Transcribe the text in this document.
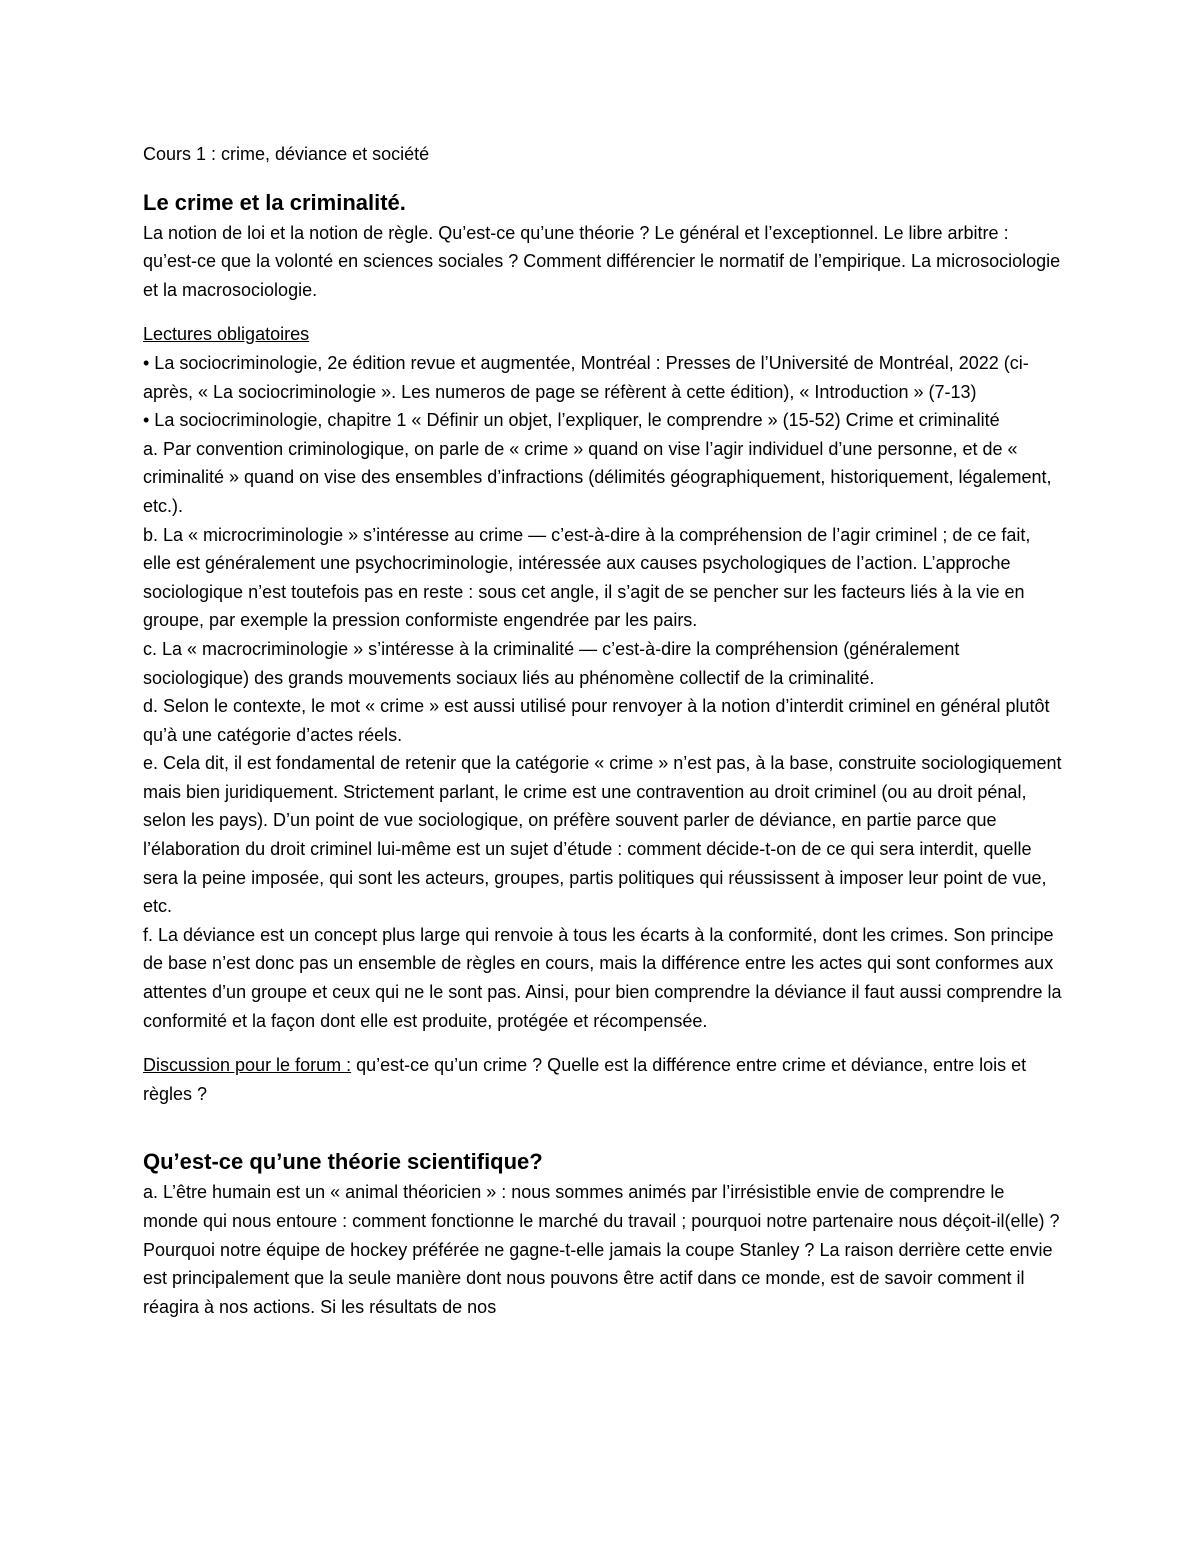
Cours 1 : crime, déviance et société

Le crime et la criminalité.

La notion de loi et la notion de règle. Qu’est-ce qu’une théorie ? Le général et l’exceptionnel. Le libre arbitre : qu’est-ce que la volonté en sciences sociales ? Comment différencier le normatif de l’empirique. La microsociologie et la macrosociologie.

Lectures obligatoires

• La sociocriminologie, 2e édition revue et augmentée, Montréal : Presses de l’Université de Montréal, 2022 (ci-après, « La sociocriminologie ». Les numeros de page se réfèrent à cette édition), « Introduction » (7-13)

• La sociocriminologie, chapitre 1 « Définir un objet, l’expliquer, le comprendre » (15-52) Crime et criminalité

a. Par convention criminologique, on parle de « crime » quand on vise l’agir individuel d’une personne, et de « criminalité » quand on vise des ensembles d’infractions (délimités géographiquement, historiquement, légalement, etc.).

b. La « microcriminologie » s’intéresse au crime — c’est-à-dire à la compréhension de l’agir criminel ; de ce fait, elle est généralement une psychocriminologie, intéressée aux causes psychologiques de l’action. L’approche sociologique n’est toutefois pas en reste : sous cet angle, il s’agit de se pencher sur les facteurs liés à la vie en groupe, par exemple la pression conformiste engendrée par les pairs.

c. La « macrocriminologie » s’intéresse à la criminalité — c’est-à-dire la compréhension (généralement sociologique) des grands mouvements sociaux liés au phénomène collectif de la criminalité.

d. Selon le contexte, le mot « crime » est aussi utilisé pour renvoyer à la notion d’interdit criminel en général plutôt qu’à une catégorie d’actes réels.

e. Cela dit, il est fondamental de retenir que la catégorie « crime » n’est pas, à la base, construite sociologiquement mais bien juridiquement. Strictement parlant, le crime est une contravention au droit criminel (ou au droit pénal, selon les pays). D’un point de vue sociologique, on préfère souvent parler de déviance, en partie parce que l’élaboration du droit criminel lui-même est un sujet d’étude : comment décide-t-on de ce qui sera interdit, quelle sera la peine imposée, qui sont les acteurs, groupes, partis politiques qui réussissent à imposer leur point de vue, etc.

f. La déviance est un concept plus large qui renvoie à tous les écarts à la conformité, dont les crimes. Son principe de base n’est donc pas un ensemble de règles en cours, mais la différence entre les actes qui sont conformes aux attentes d’un groupe et ceux qui ne le sont pas. Ainsi, pour bien comprendre la déviance il faut aussi comprendre la conformité et la façon dont elle est produite, protégée et récompensée.

Discussion pour le forum : qu’est-ce qu’un crime ? Quelle est la différence entre crime et déviance, entre lois et règles ?

Qu’est-ce qu’une théorie scientifique?

a. L’être humain est un « animal théoricien » : nous sommes animés par l’irrésistible envie de comprendre le monde qui nous entoure : comment fonctionne le marché du travail ; pourquoi notre partenaire nous déçoit-il(elle) ? Pourquoi notre équipe de hockey préférée ne gagne-t-elle jamais la coupe Stanley ? La raison derrière cette envie est principalement que la seule manière dont nous pouvons être actif dans ce monde, est de savoir comment il réagira à nos actions. Si les résultats de nos
